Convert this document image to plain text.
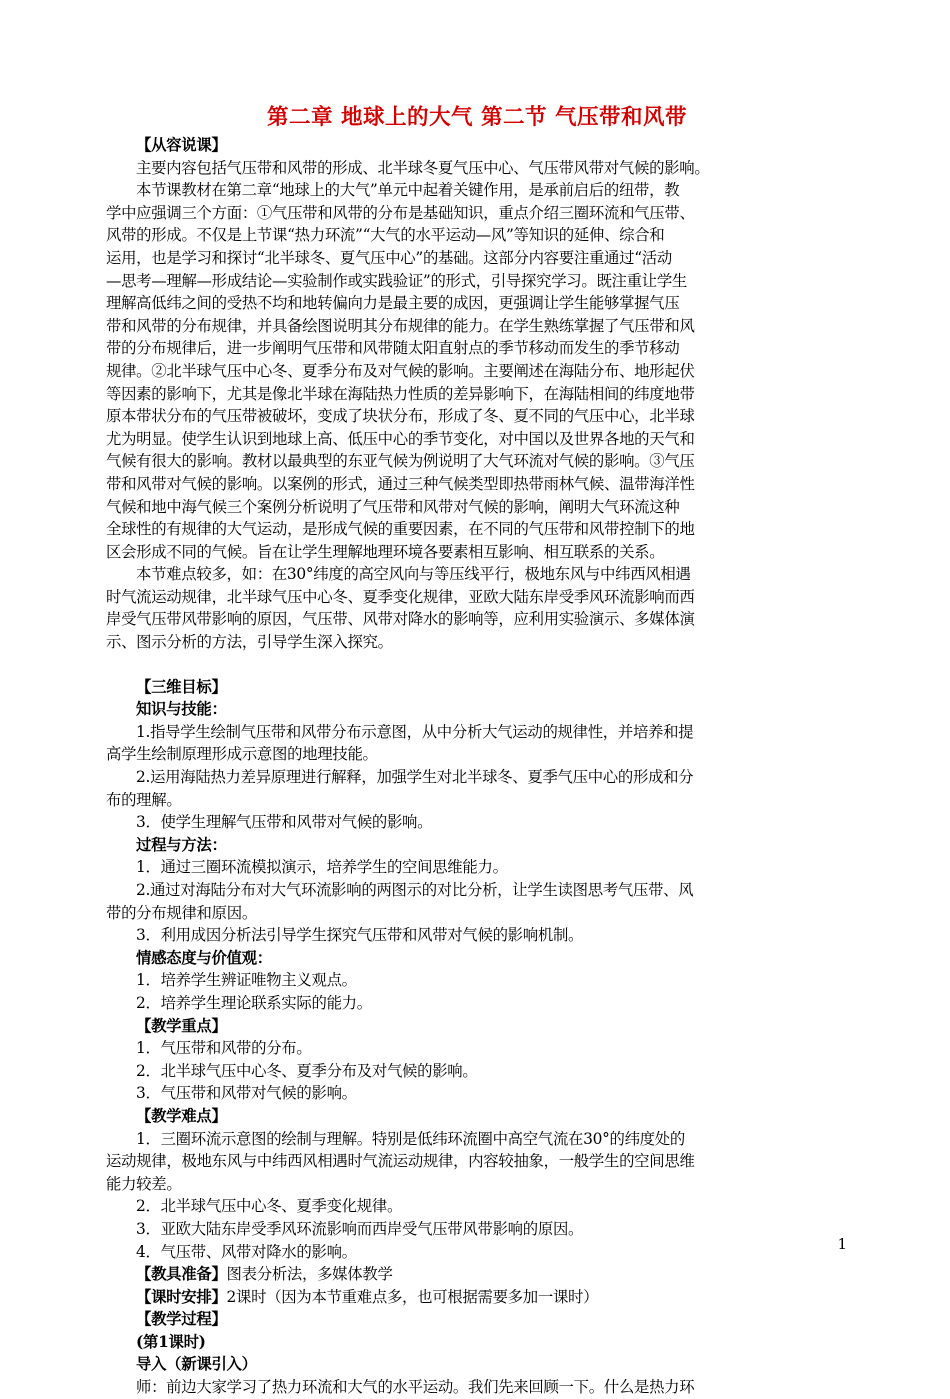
第二章 地球上的大气 第二节 气压带和风带
【从容说课】
主要内容包括气压带和风带的形成、北半球冬夏气压中心、气压带风带对气候的影响。
本节课教材在第二章“地球上的大气”单元中起着关键作用，是承前启后的纽带，教
学中应强调三个方面：①气压带和风带的分布是基础知识，重点介绍三圈环流和气压带、
风带的形成。不仅是上节课“热力环流”“大气的水平运动—风”等知识的延伸、综合和
运用，也是学习和探讨“北半球冬、夏气压中心”的基础。这部分内容要注重通过“活动
—思考—理解—形成结论—实验制作或实践验证”的形式，引导探究学习。既注重让学生
理解高低纬之间的受热不均和地转偏向力是最主要的成因，更强调让学生能够掌握气压
带和风带的分布规律，并具备绘图说明其分布规律的能力。在学生熟练掌握了气压带和风
带的分布规律后，进一步阐明气压带和风带随太阳直射点的季节移动而发生的季节移动
规律。②北半球气压中心冬、夏季分布及对气候的影响。主要阐述在海陆分布、地形起伏
等因素的影响下，尤其是像北半球在海陆热力性质的差异影响下，在海陆相间的纬度地带
原本带状分布的气压带被破坏，变成了块状分布，形成了冬、夏不同的气压中心，北半球
尤为明显。使学生认识到地球上高、低压中心的季节变化，对中国以及世界各地的天气和
气候有很大的影响。教材以最典型的东亚气候为例说明了大气环流对气候的影响。③气压
带和风带对气候的影响。以案例的形式，通过三种气候类型即热带雨林气候、温带海洋性
气候和地中海气候三个案例分析说明了气压带和风带对气候的影响，阐明大气环流这种
全球性的有规律的大气运动，是形成气候的重要因素，在不同的气压带和风带控制下的地
区会形成不同的气候。旨在让学生理解地理环境各要素相互影响、相互联系的关系。
本节难点较多，如：在30°纬度的高空风向与等压线平行，极地东风与中纬西风相遇
时气流运动规律，北半球气压中心冬、夏季变化规律，亚欧大陆东岸受季风环流影响而西
岸受气压带风带影响的原因，气压带、风带对降水的影响等，应利用实验演示、多媒体演
示、图示分析的方法，引导学生深入探究。
【三维目标】
知识与技能：
1.指导学生绘制气压带和风带分布示意图，从中分析大气运动的规律性，并培养和提
高学生绘制原理形成示意图的地理技能。
2.运用海陆热力差异原理进行解释，加强学生对北半球冬、夏季气压中心的形成和分
布的理解。
3．使学生理解气压带和风带对气候的影响。
过程与方法：
1．通过三圈环流模拟演示，培养学生的空间思维能力。
2.通过对海陆分布对大气环流影响的两图示的对比分析，让学生读图思考气压带、风
带的分布规律和原因。
3．利用成因分析法引导学生探究气压带和风带对气候的影响机制。
情感态度与价值观：
1．培养学生辨证唯物主义观点。
2．培养学生理论联系实际的能力。
【教学重点】
1．气压带和风带的分布。
2．北半球气压中心冬、夏季分布及对气候的影响。
3．气压带和风带对气候的影响。
【教学难点】
1．三圈环流示意图的绘制与理解。特别是低纬环流圈中高空气流在30°的纬度处的
运动规律，极地东风与中纬西风相遇时气流运动规律，内容较抽象，一般学生的空间思维
能力较差。
2．北半球气压中心冬、夏季变化规律。
3．亚欧大陆东岸受季风环流影响而西岸受气压带风带影响的原因。
4．气压带、风带对降水的影响。
【教具准备】图表分析法，多媒体教学
【课时安排】2课时（因为本节重难点多，也可根据需要多加一课时）
【教学过程】
(第1课时)
导入（新课引入）
师：前边大家学习了热力环流和大气的水平运动。我们先来回顾一下。什么是热力环
1
